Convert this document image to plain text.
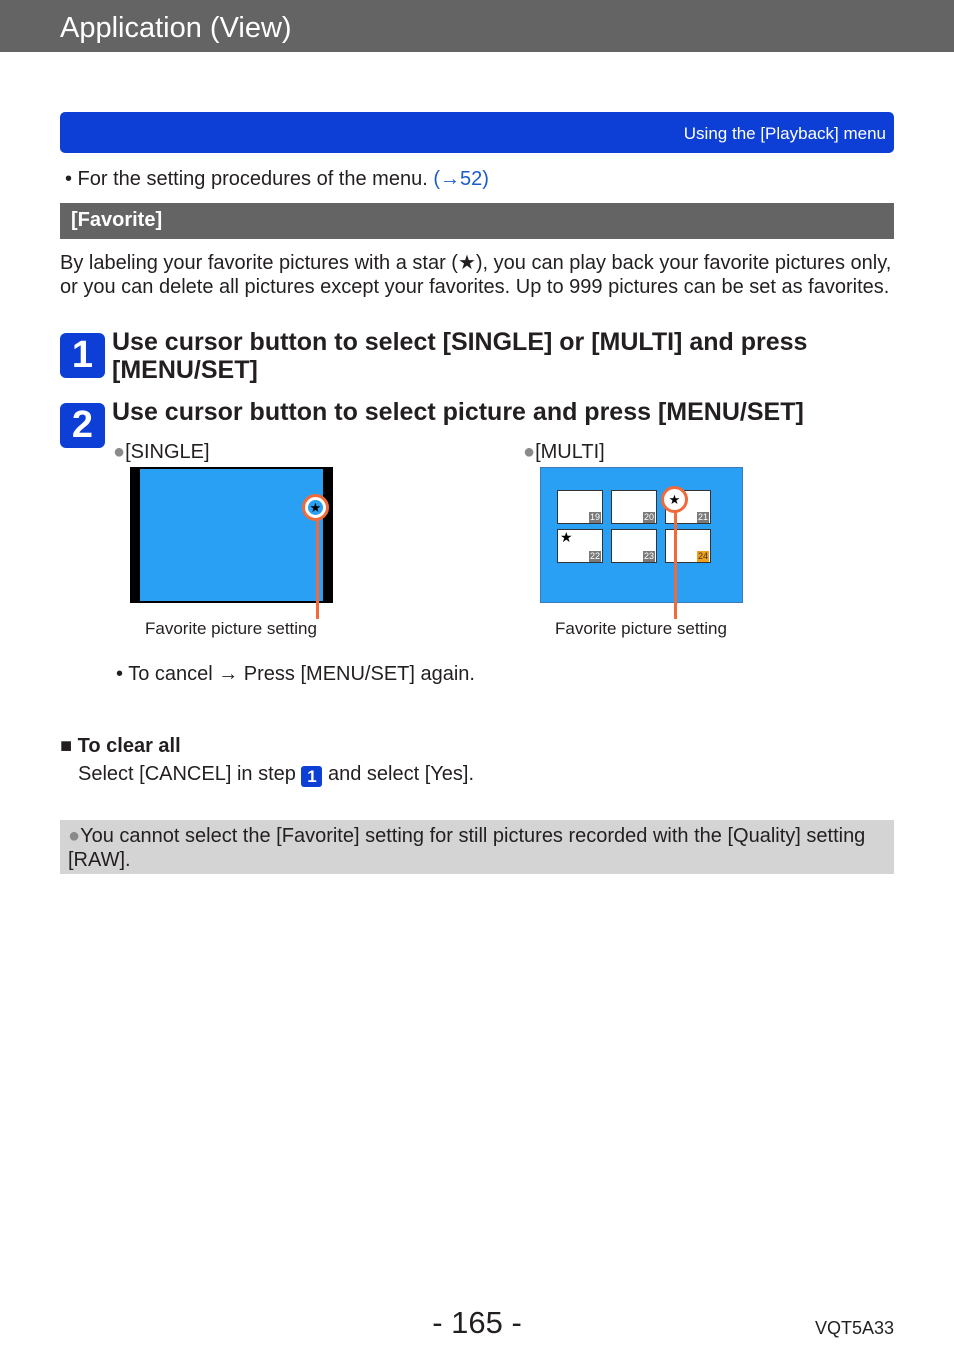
Application (View)
Using the [Playback] menu
• For the setting procedures of the menu. (→52)
[Favorite]
By labeling your favorite pictures with a star (★), you can play back your favorite pictures only, or you can delete all pictures except your favorites. Up to 999 pictures can be set as favorites.
1 Use cursor button to select [SINGLE] or [MULTI] and press [MENU/SET]
2 Use cursor button to select picture and press [MENU/SET]
●[SINGLE]	●[MULTI]
★
Favorite picture setting
19	20	21
★
22	23	24
★
Favorite picture setting
• To cancel → Press [MENU/SET] again.
■ To clear all
Select [CANCEL] in step 1 and select [Yes].
●You cannot select the [Favorite] setting for still pictures recorded with the [Quality] setting [RAW].
- 165 -	VQT5A33
